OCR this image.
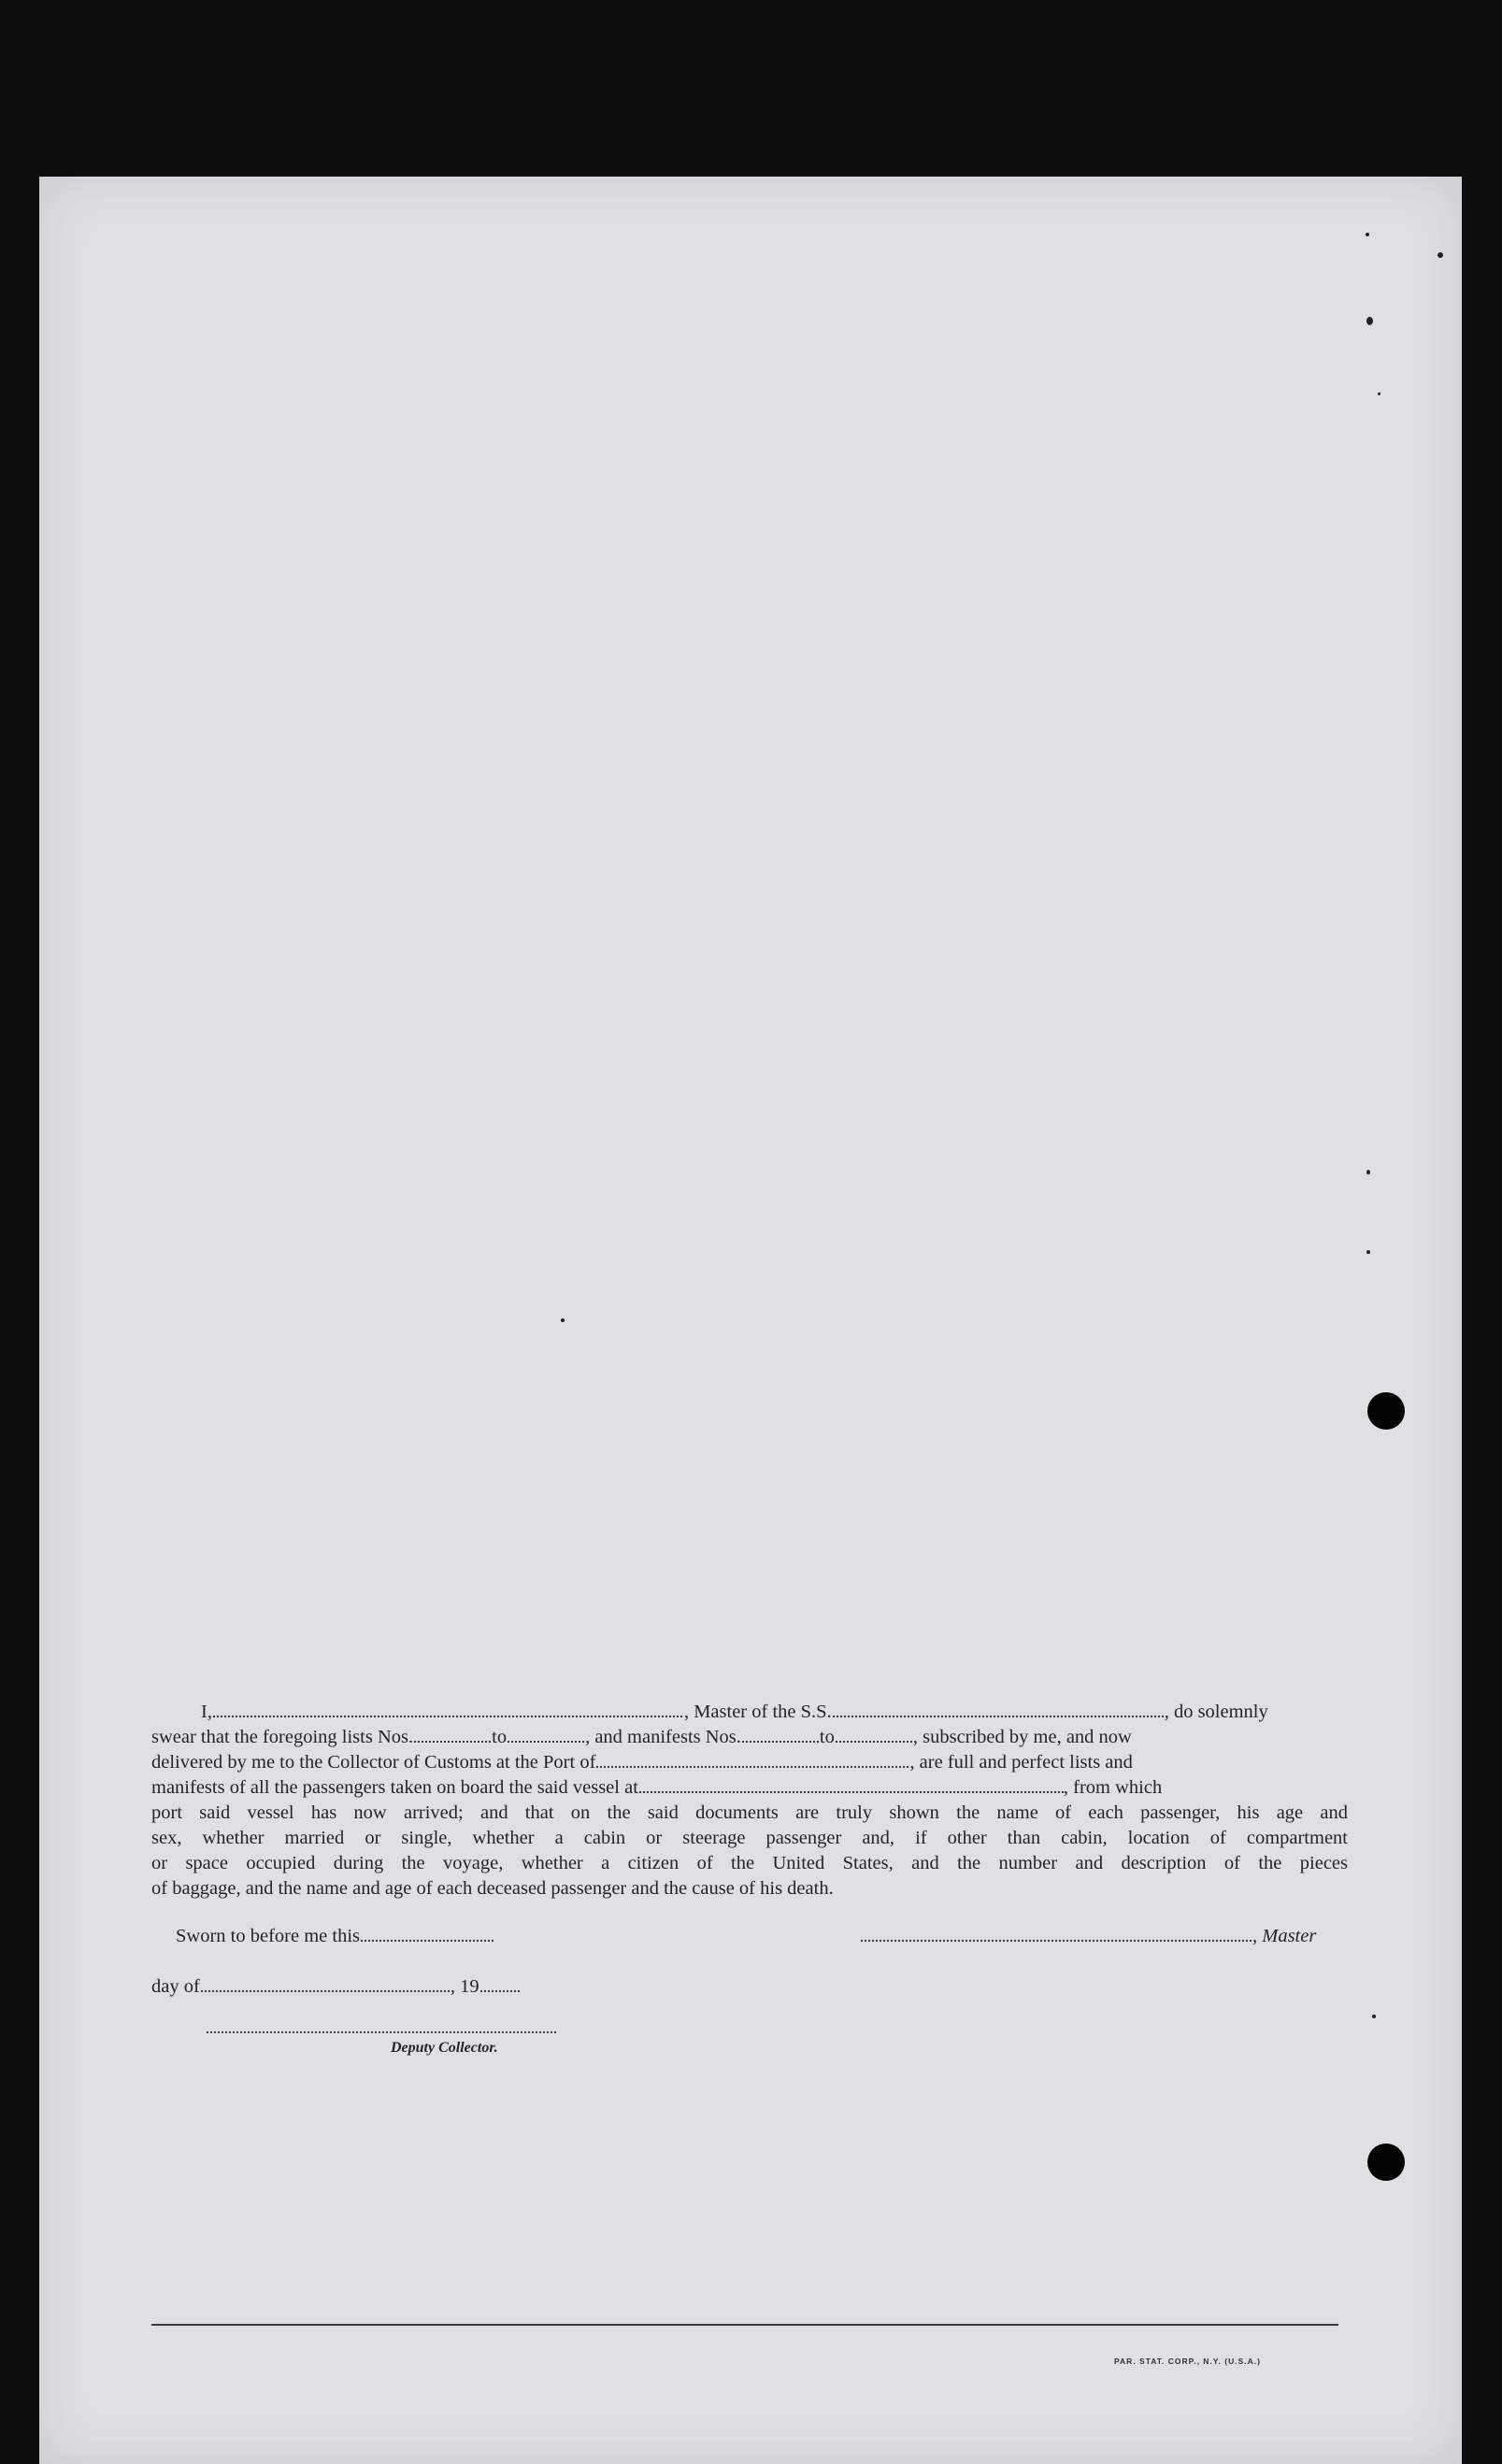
I,	, Master of the S.S.	, do solemnly
swear that the foregoing lists Nos.	to	, and manifests Nos.	to	, subscribed by me, and now
delivered by me to the Collector of Customs at the Port of	, are full and perfect lists and
manifests of all the passengers taken on board the said vessel at	, from which
port said vessel has now arrived; and that on the said documents are truly shown the name of each passenger, his age and
sex, whether married or single, whether a cabin or steerage passenger and, if other than cabin, location of compartment
or space occupied during the voyage, whether a citizen of the United States, and the number and description of the pieces
of baggage, and the name and age of each deceased passenger and the cause of his death.
Sworn to before me this	, Master
day of	, 19
Deputy Collector.
PAR. STAT. CORP., N.Y. (U.S.A.)
